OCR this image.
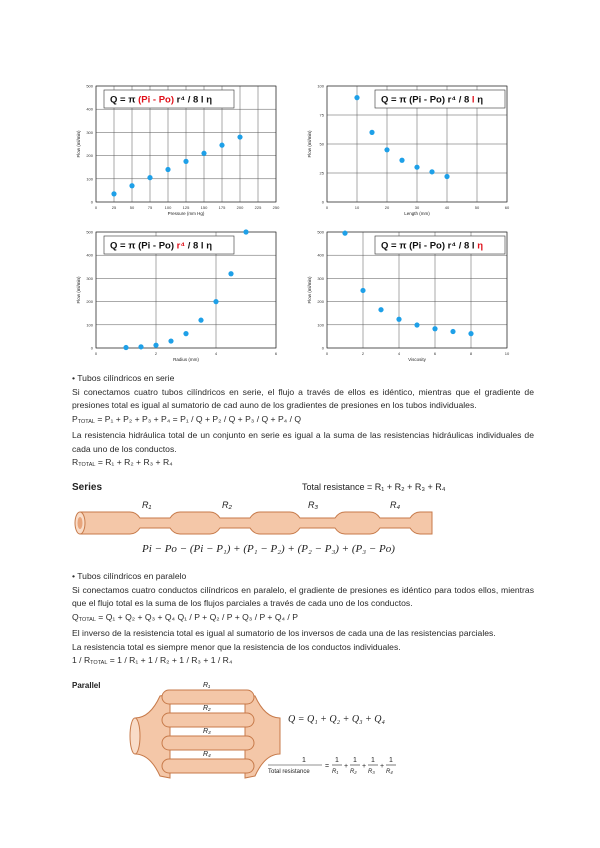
0	25	50	75	100	125	150	175	200	225	250
0
100
200
300
400
500
Pressure (mm Hg)
Flow (ml/min)
Q = π (Pi - Po) r⁴ / 8 l η
0	10	20	30	40	50	60
0
25
50
75
100
Length (mm)
Flow (ml/min)
Q = π (Pi - Po) r⁴ / 8 l η
0	2	4	6
0
100
200
300
400
500
Radius (mm)
Flow (ml/min)
Q = π (Pi - Po) r⁴ / 8 l η
0	2	4	6	8	10
0
100
200
300
400
500
Viscosity
Flow (ml/min)
Q = π (Pi - Po) r⁴ / 8 l η

• Tubos cilíndricos en serie

Si conectamos cuatro tubos cilíndricos en serie, el flujo a través de ellos es idéntico, mientras que el gradiente de presiones total es igual al sumatorio de cad auno de los gradientes de presiones en los tubos individuales.

PTOTAL = P₁ + P₂ + P₃ + P₄ = P₁ / Q + P₂ / Q + P₃ / Q + P₄ / Q

La resistencia hidráulica total de un conjunto en serie es igual a la suma de las resistencias hidráulicas individuales de cada uno de los conductos.

RTOTAL = R₁ + R₂ + R₃ + R₄

Series	Total resistance = R₁ + R₂ + R₃ + R₄
R₁	R₂	R₃	R₄
Pi − Po − (Pi − P₁) + (P₁ − P₂) + (P₂ − P₃) + (P₃ − Po)

• Tubos cilíndricos en paralelo

Si conectamos cuatro conductos cilíndricos en paralelo, el gradiente de presiones es idéntico para todos ellos, mientras que el flujo total es la suma de los flujos parciales a través de cada uno de los conductos.

QTOTAL = Q₁ + Q₂ + Q₃ + Q₄ Q₁ / P + Q₂ / P + Q₃ / P + Q₄ / P

El inverso de la resistencia total es igual al sumatorio de los inversos de cada una de las resistencias parciales.

La resistencia total es siempre menor que la resistencia de los conductos individuales.

1 / RTOTAL = 1 / R₁ + 1 / R₂ + 1 / R₃ + 1 / R₄

Parallel	R₁
R₂
R₃
R₄
Q = Q₁ + Q₂ + Q₃ + Q₄
1
Total resistance
=
1
R₁
+
1
R₂
+
1
R₃
+
1
R₄
